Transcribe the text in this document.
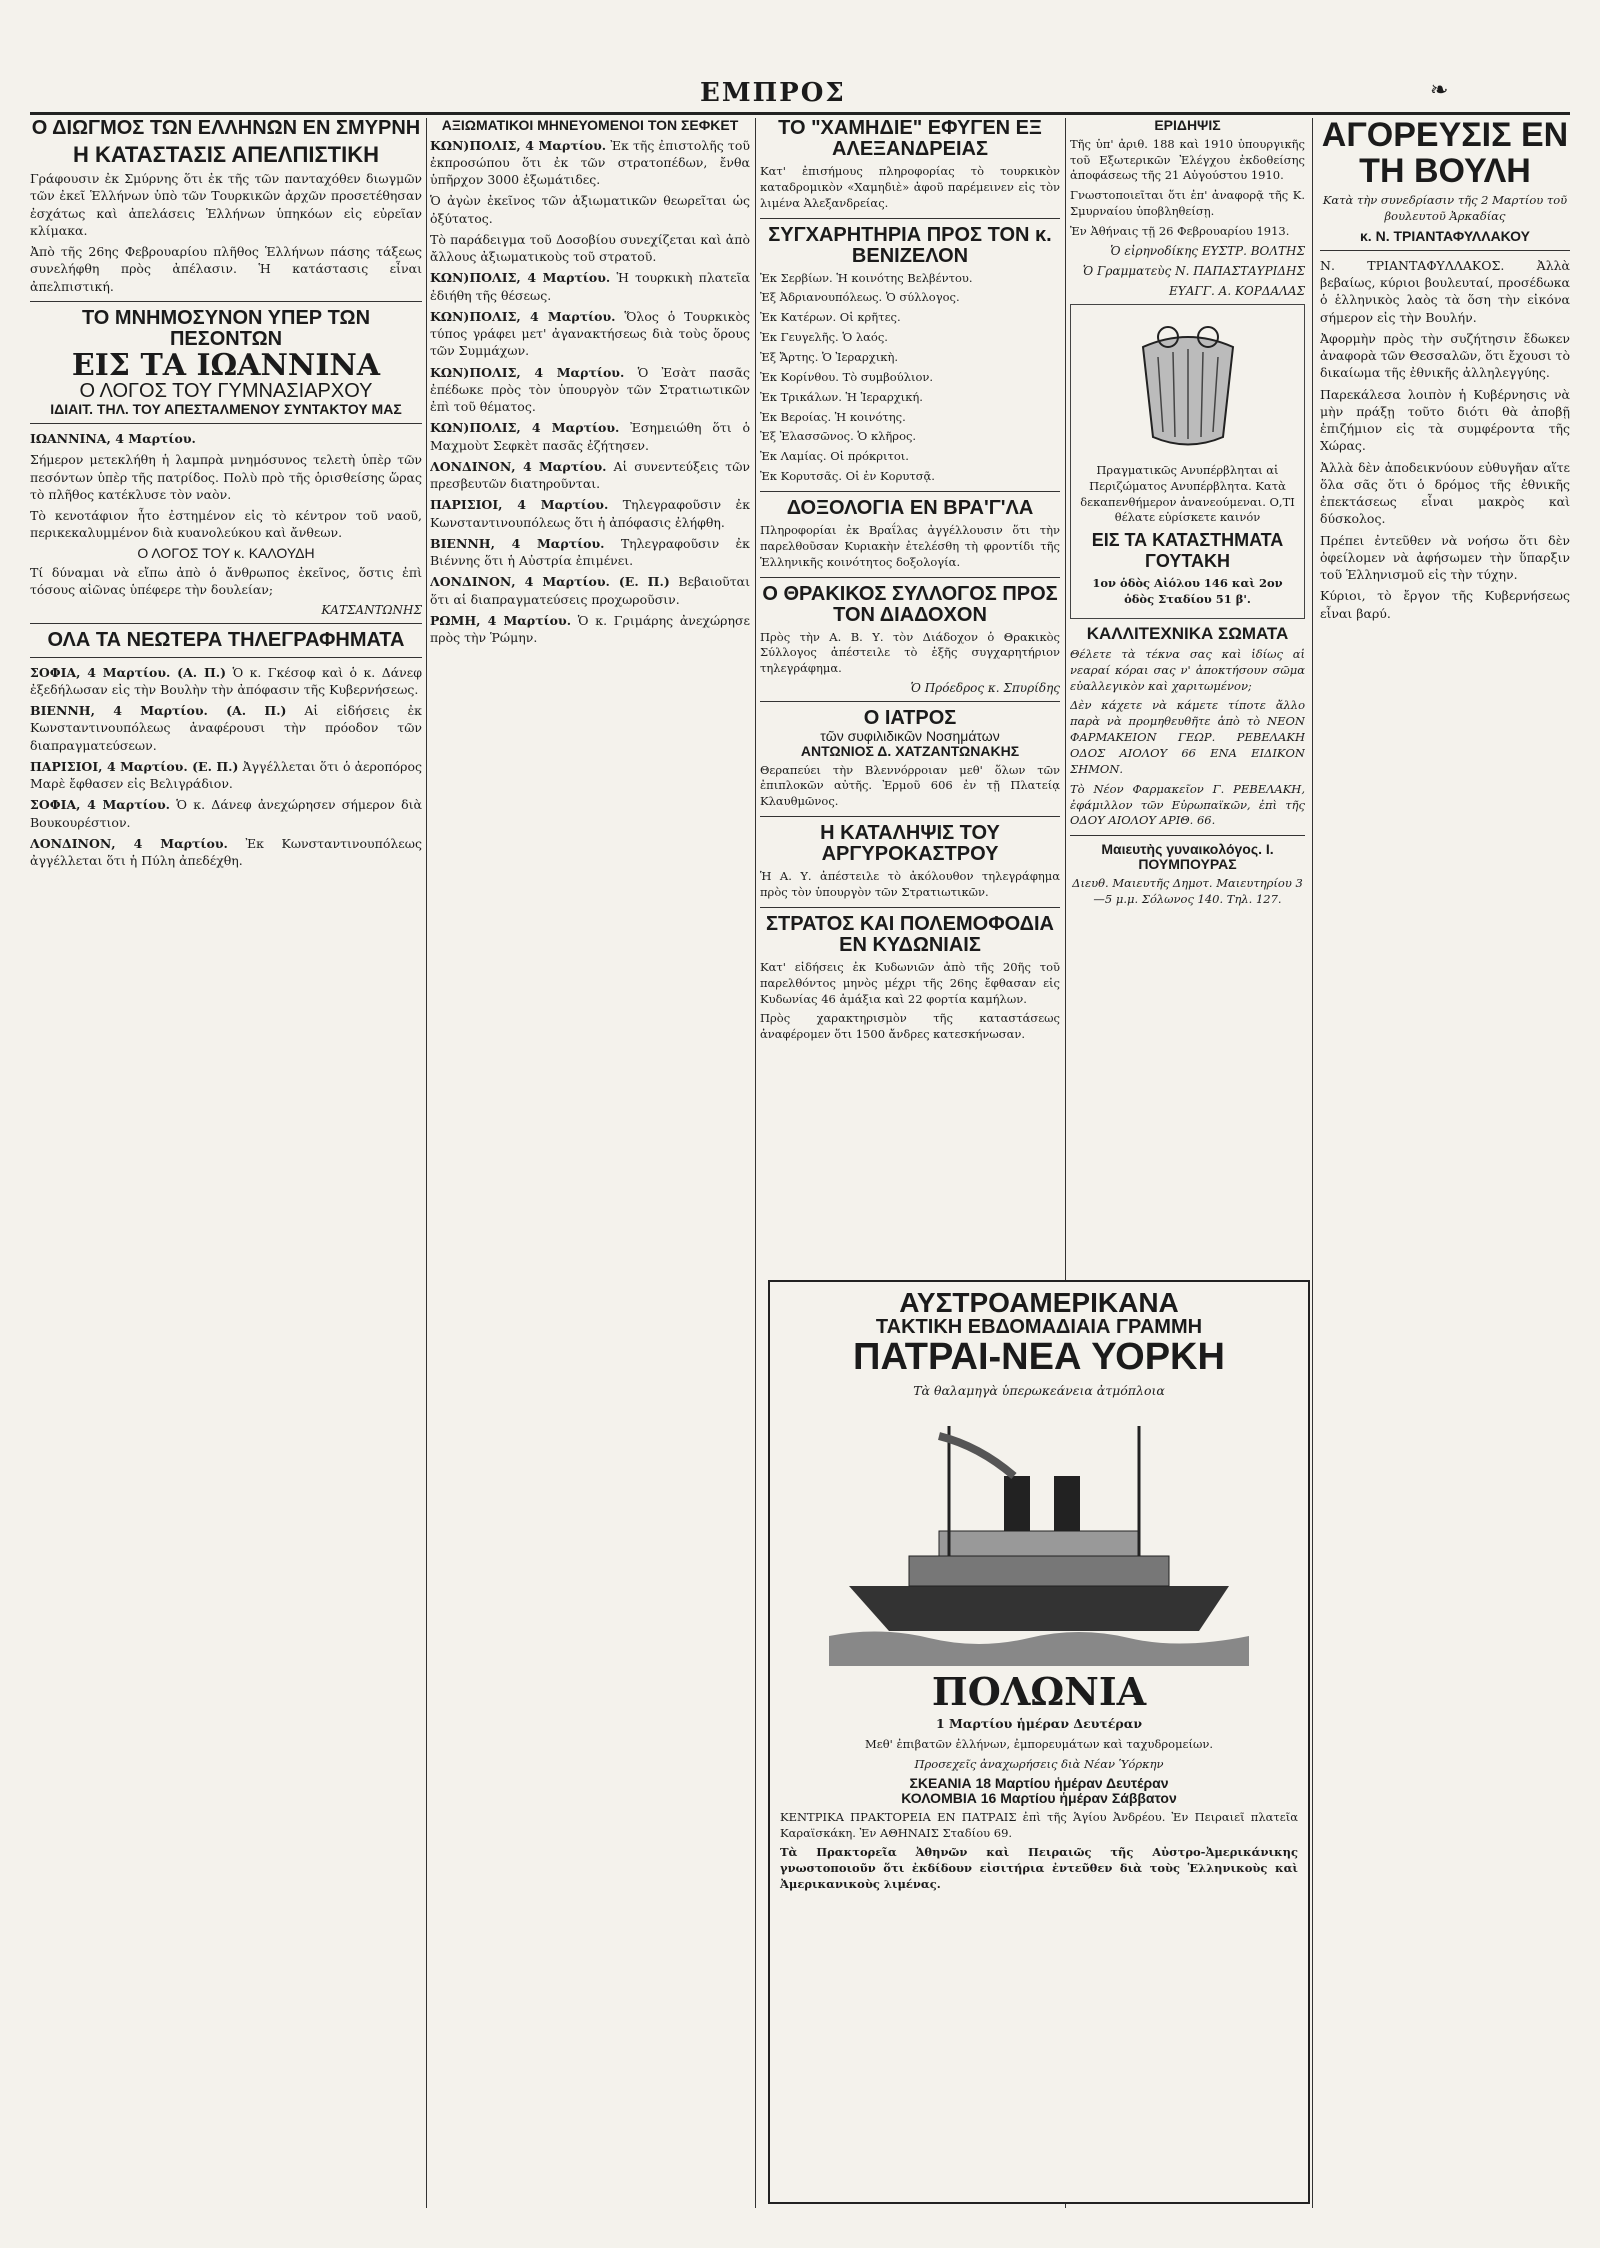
ΕΜΠΡΟΣ	❧
Ο ΔΙΩΓΜΟΣ ΤΩΝ ΕΛΛΗΝΩΝ ΕΝ ΣΜΥΡΝΗ
Η ΚΑΤΑΣΤΑΣΙΣ ΑΠΕΛΠΙΣΤΙΚΗ

Γράφουσιν ἐκ Σμύρνης ὅτι ἐκ τῆς τῶν πανταχόθεν διωγμῶν τῶν ἐκεῖ Ἑλλήνων ὑπὸ τῶν Τουρκικῶν ἀρχῶν προσετέθησαν ἐσχάτως καὶ ἀπελάσεις Ἑλλήνων ὑπηκόων εἰς εὐρεῖαν κλίμακα.

Ἀπὸ τῆς 26ης Φεβρουαρίου πλῆθος Ἑλλήνων πάσης τάξεως συνελήφθη πρὸς ἀπέλασιν. Ἡ κατάστασις εἶναι ἀπελπιστική.

ΤΟ ΜΝΗΜΟΣΥΝΟΝ ΥΠΕΡ ΤΩΝ ΠΕΣΟΝΤΩΝ
ΕΙΣ ΤΑ ΙΩΑΝΝΙΝΑ
Ο ΛΟΓΟΣ ΤΟΥ ΓΥΜΝΑΣΙΑΡΧΟΥ
ΙΔΙΑΙΤ. ΤΗΛ. ΤΟΥ ΑΠΕΣΤΑΛΜΕΝΟΥ ΣΥΝΤΑΚΤΟΥ ΜΑΣ

ΙΩΑΝΝΙΝΑ, 4 Μαρτίου.

Σήμερον μετεκλήθη ἡ λαμπρὰ μνημόσυνος τελετὴ ὑπὲρ τῶν πεσόντων ὑπὲρ τῆς πατρίδος. Πολὺ πρὸ τῆς ὁρισθείσης ὥρας τὸ πλῆθος κατέκλυσε τὸν ναὸν.

Τὸ κενοτάφιον ἦτο ἐστημένον εἰς τὸ κέντρον τοῦ ναοῦ, περικεκαλυμμένον διὰ κυανολεύκου καὶ ἄνθεων.

Ο ΛΟΓΟΣ ΤΟΥ κ. ΚΑΛΟΥΔΗ

Τί δύναμαι νὰ εἴπω ἀπὸ ὁ ἄνθρωπος ἐκεῖνος, ὅστις ἐπὶ τόσους αἰῶνας ὑπέφερε τὴν δουλείαν;

ΚΑΤΣΑΝΤΩΝΗΣ
ΟΛΑ ΤΑ ΝΕΩΤΕΡΑ ΤΗΛΕΓΡΑΦΗΜΑΤΑ

ΣΟΦΙΑ, 4 Μαρτίου. (Α. Π.) Ὁ κ. Γκέσοφ καὶ ὁ κ. Δάνεφ ἐξεδήλωσαν εἰς τὴν Βουλὴν τὴν ἀπόφασιν τῆς Κυβερνήσεως.

ΒΙΕΝΝΗ, 4 Μαρτίου. (Α. Π.) Αἱ εἰδήσεις ἐκ Κωνσταντινουπόλεως ἀναφέρουσι τὴν πρόοδον τῶν διαπραγματεύσεων.

ΠΑΡΙΣΙΟΙ, 4 Μαρτίου. (Ε. Π.) Ἀγγέλλεται ὅτι ὁ ἀεροπόρος Μαρὲ ἔφθασεν εἰς Βελιγράδιον.

ΣΟΦΙΑ, 4 Μαρτίου. Ὁ κ. Δάνεφ ἀνεχώρησεν σήμερον διὰ Βουκουρέστιον.

ΛΟΝΔΙΝΟΝ, 4 Μαρτίου. Ἐκ Κωνσταντινουπόλεως ἀγγέλλεται ὅτι ἡ Πύλη ἀπεδέχθη.

ΑΞΙΩΜΑΤΙΚΟΙ ΜΗΝΕΥΟΜΕΝΟΙ ΤΟΝ ΣΕΦΚΕΤ

ΚΩΝ)ΠΟΛΙΣ, 4 Μαρτίου. Ἐκ τῆς ἐπιστολῆς τοῦ ἐκπροσώπου ὅτι ἐκ τῶν στρατοπέδων, ἔνθα ὑπῆρχον 3000 ἐξωμάτιδες.

Ὁ ἀγὼν ἐκεῖνος τῶν ἀξιωματικῶν θεωρεῖται ὡς ὀξύτατος.

Τὸ παράδειγμα τοῦ Δοσοβίου συνεχίζεται καὶ ἀπὸ ἄλλους ἀξιωματικοὺς τοῦ στρατοῦ.

ΚΩΝ)ΠΟΛΙΣ, 4 Μαρτίου. Ἡ τουρκικὴ πλατεῖα ἐδιήθη τῆς θέσεως.

ΚΩΝ)ΠΟΛΙΣ, 4 Μαρτίου. Ὅλος ὁ Τουρκικὸς τύπος γράφει μετ' ἀγανακτήσεως διὰ τοὺς ὅρους τῶν Συμμάχων.

ΚΩΝ)ΠΟΛΙΣ, 4 Μαρτίου. Ὁ Ἐσὰτ πασᾶς ἐπέδωκε πρὸς τὸν ὑπουργὸν τῶν Στρατιωτικῶν ἐπὶ τοῦ θέματος.

ΚΩΝ)ΠΟΛΙΣ, 4 Μαρτίου. Ἐσημειώθη ὅτι ὁ Μαχμοὺτ Σεφκὲτ πασᾶς ἐζήτησεν.

ΛΟΝΔΙΝΟΝ, 4 Μαρτίου. Αἱ συνεντεύξεις τῶν πρεσβευτῶν διατηροῦνται.

ΠΑΡΙΣΙΟΙ, 4 Μαρτίου. Τηλεγραφοῦσιν ἐκ Κωνσταντινουπόλεως ὅτι ἡ ἀπόφασις ἐλήφθη.

ΒΙΕΝΝΗ, 4 Μαρτίου. Τηλεγραφοῦσιν ἐκ Βιέννης ὅτι ἡ Αὐστρία ἐπιμένει.

ΛΟΝΔΙΝΟΝ, 4 Μαρτίου. (Ε. Π.) Βεβαιοῦται ὅτι αἱ διαπραγματεύσεις προχωροῦσιν.

ΡΩΜΗ, 4 Μαρτίου. Ὁ κ. Γριμάρης ἀνεχώρησε πρὸς τὴν Ῥώμην.

ΤΟ "ΧΑΜΗΔΙΕ" ΕΦΥΓΕΝ ΕΞ ΑΛΕΞΑΝΔΡΕΙΑΣ

Κατ' ἐπισήμους πληροφορίας τὸ τουρκικὸν καταδρομικὸν «Χαμηδιὲ» ἀφοῦ παρέμεινεν εἰς τὸν λιμένα Ἀλεξανδρείας.

ΣΥΓΧΑΡΗΤΗΡΙΑ ΠΡΟΣ ΤΟΝ κ. ΒΕΝΙΖΕΛΟΝ

Ἐκ Σερβίων. Ἡ κοινότης Βελβέντου.

Ἐξ Ἀδριανουπόλεως. Ὁ σύλλογος.

Ἐκ Κατέρων. Οἱ κρῆτες.

Ἐκ Γευγελῆς. Ὁ λαός.

Ἐξ Ἄρτης. Ὁ Ἰεραρχικὴ.

Ἐκ Κορίνθου. Τὸ συμβούλιον.

Ἐκ Τρικάλων. Ἡ Ἱεραρχική.

Ἐκ Βεροίας. Ἡ κοινότης.

Ἐξ Ἐλασσῶνος. Ὁ κλῆρος.

Ἐκ Λαμίας. Οἱ πρόκριτοι.

Ἐκ Κορυτσᾶς. Οἱ ἐν Κορυτσᾷ.

ΔΟΞΟΛΟΓΙΑ ΕΝ ΒΡΑ'Γ'ΛΑ

Πληροφορίαι ἐκ Βραΐλας ἀγγέλλουσιν ὅτι τὴν παρελθοῦσαν Κυριακὴν ἐτελέσθη τὴ φροντίδι τῆς Ἑλληνικῆς κοινότητος δοξολογία.

Ο ΘΡΑΚΙΚΟΣ ΣΥΛΛΟΓΟΣ ΠΡΟΣ ΤΟΝ ΔΙΑΔΟΧΟΝ

Πρὸς τὴν Α. Β. Υ. τὸν Διάδοχον ὁ Θρακικὸς Σύλλογος ἀπέστειλε τὸ ἑξῆς συγχαρητήριον τηλεγράφημα.

Ὁ Πρόεδρος κ. Σπυρίδης
Ο ΙΑΤΡΟΣ
τῶν συφιλιδικῶν Νοσημάτων
ΑΝΤΩΝΙΟΣ Δ. ΧΑΤΖΑΝΤΩΝΑΚΗΣ

Θεραπεύει τὴν Βλεννόρροιαν μεθ' ὅλων τῶν ἐπιπλοκῶν αὐτῆς. Ἐρμοῦ 606 ἐν τῇ Πλατείᾳ Κλαυθμῶνος.

Η ΚΑΤΑΛΗΨΙΣ ΤΟΥ ΑΡΓΥΡΟΚΑΣΤΡΟΥ

Ἡ Α. Υ. ἀπέστειλε τὸ ἀκόλουθον τηλεγράφημα πρὸς τὸν ὑπουργὸν τῶν Στρατιωτικῶν.

ΣΤΡΑΤΟΣ ΚΑΙ ΠΟΛΕΜΟΦΟΔΙΑ ΕΝ ΚΥΔΩΝΙΑΙΣ

Κατ' εἰδήσεις ἐκ Κυδωνιῶν ἀπὸ τῆς 20ῆς τοῦ παρελθόντος μηνὸς μέχρι τῆς 26ης ἔφθασαν εἰς Κυδωνίας 46 ἁμάξια καὶ 22 φορτία καμήλων.

Πρὸς χαρακτηρισμὸν τῆς καταστάσεως ἀναφέρομεν ὅτι 1500 ἄνδρες κατεσκήνωσαν.

ΕΡΙΔΗΨΙΣ

Τῆς ὑπ' ἀριθ. 188 καὶ 1910 ὑπουργικῆς τοῦ Εξωτερικῶν Ἐλέγχου ἐκδοθείσης ἀποφάσεως τῆς 21 Αὐγούστου 1910.

Γνωστοποιεῖται ὅτι ἐπ' ἀναφορᾷ τῆς Κ. Σμυρναίου ὑποβληθείσῃ.

Ἐν Ἀθήναις τῇ 26 Φεβρουαρίου 1913.

Ὁ εἰρηνοδίκης ΕΥΣΤΡ. ΒΟΛΤΗΣ
Ὁ Γραμματεὺς Ν. ΠΑΠΑΣΤΑΥΡΙΔΗΣ
ΕΥΑΓΓ. Α. ΚΟΡΔΑΛΑΣ
Πραγματικῶς Ανυπέρβληται αἱ Περιζώματος Ανυπέρβλητα. Κατὰ δεκαπενθήμερον ἀνανεούμεναι. Ο,ΤΙ θέλατε εὑρίσκετε καινόν
ΕΙΣ ΤΑ ΚΑΤΑΣΤΗΜΑΤΑ ΓΟΥΤΑΚΗ
1ον ὁδὸς Αἰόλου 146 καὶ 2ον ὁδὸς Σταδίου 51 β'.
ΚΑΛΛΙΤΕΧΝΙΚΑ ΣΩΜΑΤΑ

Θέλετε τὰ τέκνα σας καὶ ἰδίως αἱ νεαραί κόραι σας ν' ἀποκτήσουν σῶμα εὐαλλεγικὸν καὶ χαριτωμένον;

Δὲν κάχετε νὰ κάμετε τίποτε ἄλλο παρὰ νὰ προμηθευθῆτε ἀπὸ τὸ ΝΕΟΝ ΦΑΡΜΑΚΕΙΟΝ ΓΕΩΡ. ΡΕΒΕΛΑΚΗ ΟΔΟΣ ΑΙΟΛΟΥ 66 ΕΝΑ ΕΙΔΙΚΟΝ ΣΗΜΟΝ.

Τὸ Νέον Φαρμακεῖον Γ. ΡΕΒΕΛΑΚΗ, ἐφάμιλλον τῶν Εὐρωπαϊκῶν, ἐπὶ τῆς ΟΔΟΥ ΑΙΟΛΟΥ ΑΡΙΘ. 66.

Μαιευτὴς γυναικολόγος. Ι. ΠΟΥΜΠΟΥΡΑΣ
Διευθ. Μαιευτῆς Δημοτ. Μαιευτηρίου 3—5 μ.μ. Σόλωνος 140. Τηλ. 127.
ΑΓΟΡΕΥΣΙΣ ΕΝ ΤΗ ΒΟΥΛΗ
Κατὰ τὴν συνεδρίασιν τῆς 2 Μαρτίου τοῦ βουλευτοῦ Ἀρκαδίας
κ. Ν. ΤΡΙΑΝΤΑΦΥΛΛΑΚΟΥ

Ν. ΤΡΙΑΝΤΑΦΥΛΛΑΚΟΣ. Ἀλλὰ βεβαίως, κύριοι βουλευταί, προσέδωκα ὁ ἑλληνικὸς λαὸς τὰ ὅση τὴν εἰκόνα σήμερον εἰς τὴν Βουλήν.

Ἀφορμὴν πρὸς τὴν συζήτησιν ἔδωκεν ἀναφορὰ τῶν Θεσσαλῶν, ὅτι ἔχουσι τὸ δικαίωμα τῆς ἐθνικῆς ἀλληλεγγύης.

Παρεκάλεσα λοιπὸν ἡ Κυβέρνησις νὰ μὴν πράξῃ τοῦτο διότι θὰ ἀποβῇ ἐπιζήμιον εἰς τὰ συμφέροντα τῆς Χώρας.

Ἀλλὰ δὲν ἀποδεικνύουν εὐθυγῆαν αἵτε ὅλα σᾶς ὅτι ὁ δρόμος τῆς ἐθνικῆς ἐπεκτάσεως εἶναι μακρὸς καὶ δύσκολος.

Πρέπει ἐντεῦθεν νὰ νοήσω ὅτι δὲν ὀφείλομεν νὰ ἀφήσωμεν τὴν ὕπαρξιν τοῦ Ἑλληνισμοῦ εἰς τὴν τύχην.

Κύριοι, τὸ ἔργον τῆς Κυβερνήσεως εἶναι βαρύ.

ΑΥΣΤΡΟΑΜΕΡΙΚΑΝΑ
ΤΑΚΤΙΚΗ ΕΒΔΟΜΑΔΙΑΙΑ ΓΡΑΜΜΗ
ΠΑΤΡΑΙ-ΝΕΑ ΥΟΡΚΗ
Τὰ θαλαμηγὰ ὑπερωκεάνεια ἀτμόπλοια
ΠΟΛΩΝΙΑ
1 Μαρτίου ἡμέραν Δευτέραν
Μεθ' ἐπιβατῶν ἐλλήνων, ἐμπορευμάτων καὶ ταχυδρομείων.
Προσεχεῖς ἀναχωρήσεις διὰ Νέαν Ὑόρκην
ΣΚΕΑΝΙΑ 18 Μαρτίου ἡμέραν Δευτέραν
ΚΟΛΟΜΒΙΑ 16 Μαρτίου ἡμέραν Σάββατον

ΚΕΝΤΡΙΚΑ ΠΡΑΚΤΟΡΕΙΑ ΕΝ ΠΑΤΡΑΙΣ ἐπὶ τῆς Ἁγίου Ἀνδρέου. Ἐν Πειραιεῖ πλατεῖα Καραϊσκάκη. Ἐν ΑΘΗΝΑΙΣ Σταδίου 69.

Τὰ Πρακτορεῖα Ἀθηνῶν καὶ Πειραιῶς τῆς Αὐστρο-Ἀμερικάνικης γνωστοποιοῦν ὅτι ἐκδίδουν εἰσιτήρια ἐντεῦθεν διὰ τοὺς Ἑλληνικοὺς καὶ Ἀμερικανικοὺς λιμένας.
